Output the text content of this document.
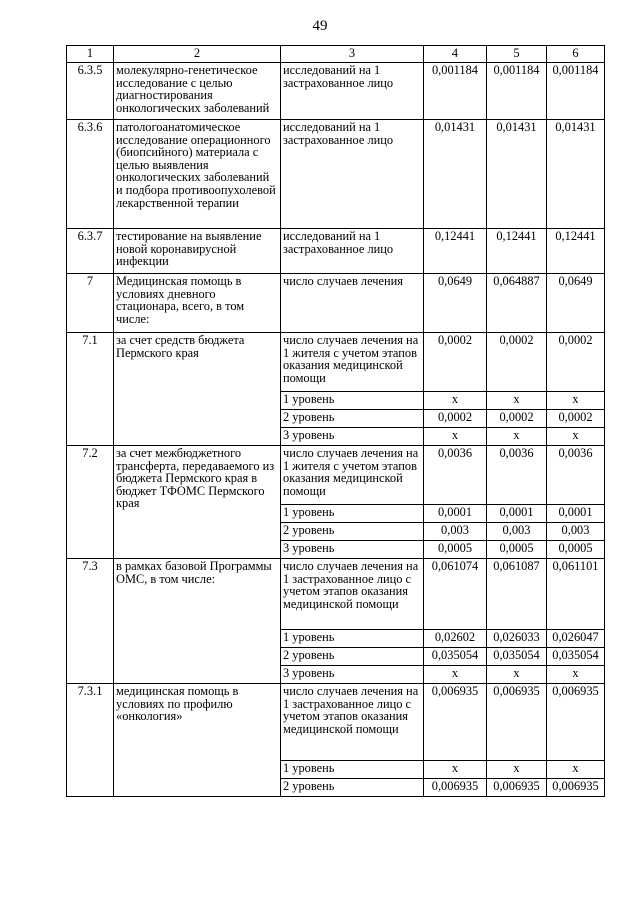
49
1	2	3	4	5	6
6.3.5	молекулярно-генетическое исследование с целью диагностирования онкологических заболеваний	исследований на 1 застрахованное лицо	0,001184	0,001184	0,001184
6.3.6	патологоанатомическое исследование операционного (биопсийного) материала с целью выявления онкологических заболеваний и подбора противоопухолевой лекарственной терапии	исследований на 1 застрахованное лицо	0,01431	0,01431	0,01431
6.3.7	тестирование на выявление новой коронавирусной инфекции	исследований на 1 застрахованное лицо	0,12441	0,12441	0,12441
7	Медицинская помощь в условиях дневного стационара, всего, в том числе:	число случаев лечения	0,0649	0,064887	0,0649
7.1	за счет средств бюджета Пермского края	число случаев лечения на 1 жителя с учетом этапов оказания медицинской помощи	0,0002	0,0002	0,0002
		1 уровень	x	x	x
		2 уровень	0,0002	0,0002	0,0002
		3 уровень	x	x	x
7.2	за счет межбюджетного трансферта, передаваемого из бюджета Пермского края в бюджет ТФОМС Пермского края	число случаев лечения на 1 жителя с учетом этапов оказания медицинской помощи	0,0036	0,0036	0,0036
		1 уровень	0,0001	0,0001	0,0001
		2 уровень	0,003	0,003	0,003
		3 уровень	0,0005	0,0005	0,0005
7.3	в рамках базовой Программы ОМС, в том числе:	число случаев лечения на 1 застрахованное лицо с учетом этапов оказания медицинской помощи	0,061074	0,061087	0,061101
		1 уровень	0,02602	0,026033	0,026047
		2 уровень	0,035054	0,035054	0,035054
		3 уровень	x	x	x
7.3.1	медицинская помощь в условиях по профилю «онкология»	число случаев лечения на 1 застрахованное лицо с учетом этапов оказания медицинской помощи	0,006935	0,006935	0,006935
		1 уровень	x	x	x
		2 уровень	0,006935	0,006935	0,006935
